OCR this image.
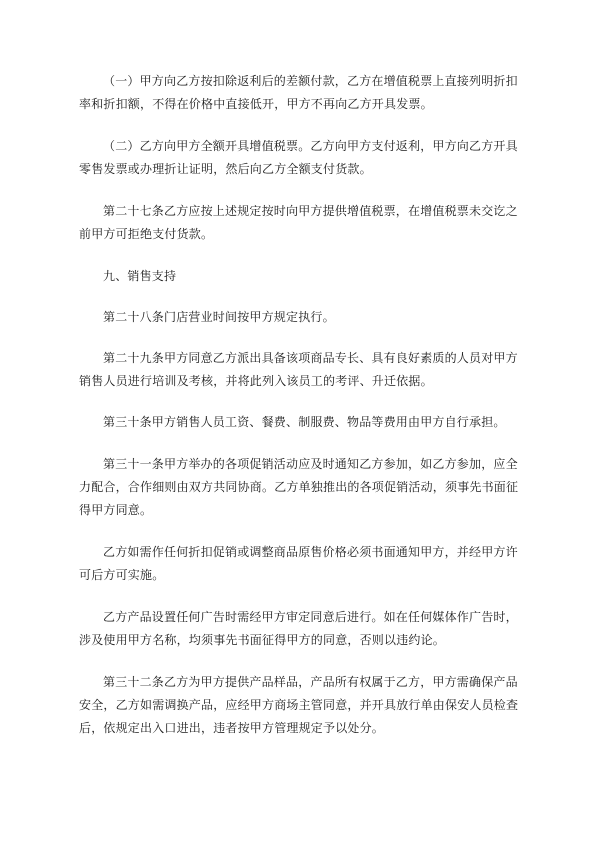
（一）甲方向乙方按扣除返利后的差额付款，乙方在增值税票上直接列明折扣率和折扣额，不得在价格中直接低开，甲方不再向乙方开具发票。

（二）乙方向甲方全额开具增值税票。乙方向甲方支付返利，甲方向乙方开具零售发票或办理折让证明，然后向乙方全额支付货款。

第二十七条乙方应按上述规定按时向甲方提供增值税票，在增值税票未交讫之前甲方可拒绝支付货款。

九、销售支持

第二十八条门店营业时间按甲方规定执行。

第二十九条甲方同意乙方派出具备该项商品专长、具有良好素质的人员对甲方销售人员进行培训及考核，并将此列入该员工的考评、升迁依据。

第三十条甲方销售人员工资、餐费、制服费、物品等费用由甲方自行承担。

第三十一条甲方举办的各项促销活动应及时通知乙方参加，如乙方参加，应全力配合，合作细则由双方共同协商。乙方单独推出的各项促销活动，须事先书面征得甲方同意。

乙方如需作任何折扣促销或调整商品原售价格必须书面通知甲方，并经甲方许可后方可实施。

乙方产品设置任何广告时需经甲方审定同意后进行。如在任何媒体作广告时，涉及使用甲方名称，均须事先书面征得甲方的同意，否则以违约论。

第三十二条乙方为甲方提供产品样品，产品所有权属于乙方，甲方需确保产品安全，乙方如需调换产品，应经甲方商场主管同意，并开具放行单由保安人员检查后，依规定出入口进出，违者按甲方管理规定予以处分。
